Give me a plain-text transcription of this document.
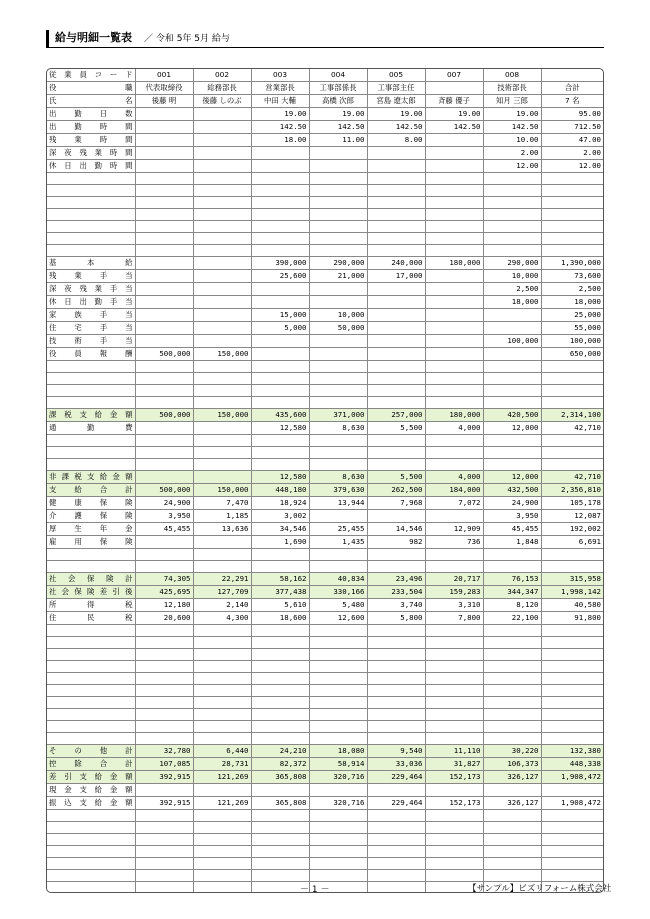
給与明細一覧表 ／ 令和 5年 5月 給与
従業員コード	001	002	003	004	005	007	008	
役 職	代表取締役	総務部長	営業部長	工事部係長	工事部主任		技術部長	合計
氏 名	後藤 明	後藤 しのぶ	中田 大輔	高橋 次郎	宮島 遼太郎	斉藤 優子	知月 三郎	7 名
出勤日数			19.00	19.00	19.00	19.00	19.00	95.00
出勤時間			142.50	142.50	142.50	142.50	142.50	712.50
残業時間			18.00	11.00	8.00		10.00	47.00
深夜残業時間							2.00	2.00
休日出勤時間							12.00	12.00

基本給			390,000	290,000	240,000	180,000	290,000	1,390,000
残業手当			25,600	21,000	17,000		10,000	73,600
深夜残業手当							2,500	2,500
休日出勤手当							18,000	18,000
家族手当			15,000	10,000				25,000
住宅手当			5,000	50,000				55,000
技術手当							100,000	100,000
役員報酬	500,000	150,000						650,000

課税支給金額	500,000	150,000	435,600	371,000	257,000	180,000	420,500	2,314,100
通勤費			12,580	8,630	5,500	4,000	12,000	42,710

非課税支給金額			12,580	8,630	5,500	4,000	12,000	42,710
支給合計	500,000	150,000	448,180	379,630	262,500	184,000	432,500	2,356,810
健康保険	24,900	7,470	18,924	13,944	7,968	7,072	24,900	105,178
介護保険	3,950	1,185	3,002				3,950	12,087
厚生年金	45,455	13,636	34,546	25,455	14,546	12,909	45,455	192,002
雇用保険			1,690	1,435	982	736	1,848	6,691

社会保険計	74,305	22,291	58,162	40,834	23,496	20,717	76,153	315,958
社会保険差引後	425,695	127,709	377,438	330,166	233,504	159,283	344,347	1,998,142
所得税	12,180	2,140	5,610	5,480	3,740	3,310	8,120	40,580
住民税	20,600	4,300	18,600	12,600	5,800	7,800	22,100	91,800

その他計	32,780	6,440	24,210	18,080	9,540	11,110	30,220	132,380
控除合計	107,085	28,731	82,372	58,914	33,036	31,827	106,373	448,338
差引支給金額	392,915	121,269	365,808	320,716	229,464	152,173	326,127	1,908,472
現金支給金額								
振込支給金額	392,915	121,269	365,808	320,716	229,464	152,173	326,127	1,908,472

－ 1 －	【サンプル】ビズリフォーム株式会社
